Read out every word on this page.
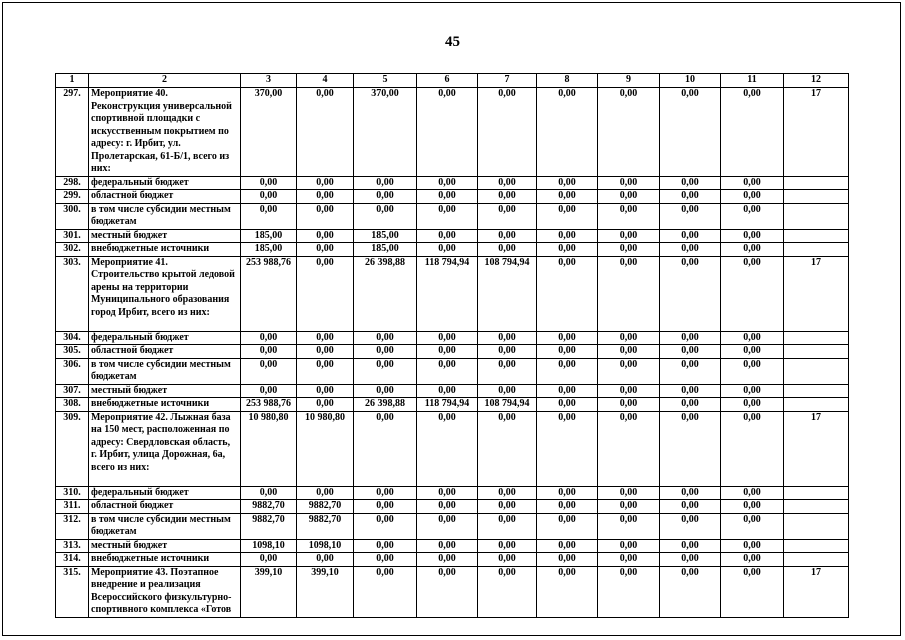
45
1	2	3	4	5	6	7	8	9	10	11	12
297.	Мероприятие 40. Реконструкция универсальной спортивной площадки с искусственным покрытием по адресу: г. Ирбит, ул. Пролетарская, 61-Б/1, всего из них:	370,00	0,00	370,00	0,00	0,00	0,00	0,00	0,00	0,00	17
298.	федеральный бюджет	0,00	0,00	0,00	0,00	0,00	0,00	0,00	0,00	0,00	
299.	областной бюджет	0,00	0,00	0,00	0,00	0,00	0,00	0,00	0,00	0,00	
300.	в том числе субсидии местным бюджетам	0,00	0,00	0,00	0,00	0,00	0,00	0,00	0,00	0,00	
301.	местный бюджет	185,00	0,00	185,00	0,00	0,00	0,00	0,00	0,00	0,00	
302.	внебюджетные источники	185,00	0,00	185,00	0,00	0,00	0,00	0,00	0,00	0,00	
303.	Мероприятие 41. Строительство крытой ледовой арены на территории Муниципального образования город Ирбит, всего из них:	253 988,76	0,00	26 398,88	118 794,94	108 794,94	0,00	0,00	0,00	0,00	17
304.	федеральный бюджет	0,00	0,00	0,00	0,00	0,00	0,00	0,00	0,00	0,00	
305.	областной бюджет	0,00	0,00	0,00	0,00	0,00	0,00	0,00	0,00	0,00	
306.	в том числе субсидии местным бюджетам	0,00	0,00	0,00	0,00	0,00	0,00	0,00	0,00	0,00	
307.	местный бюджет	0,00	0,00	0,00	0,00	0,00	0,00	0,00	0,00	0,00	
308.	внебюджетные источники	253 988,76	0,00	26 398,88	118 794,94	108 794,94	0,00	0,00	0,00	0,00	
309.	Мероприятие 42. Лыжная база на 150 мест, расположенная по адресу: Свердловская область, г. Ирбит, улица Дорожная, 6а, всего из них:	10 980,80	10 980,80	0,00	0,00	0,00	0,00	0,00	0,00	0,00	17
310.	федеральный бюджет	0,00	0,00	0,00	0,00	0,00	0,00	0,00	0,00	0,00	
311.	областной бюджет	9882,70	9882,70	0,00	0,00	0,00	0,00	0,00	0,00	0,00	
312.	в том числе субсидии местным бюджетам	9882,70	9882,70	0,00	0,00	0,00	0,00	0,00	0,00	0,00	
313.	местный бюджет	1098,10	1098,10	0,00	0,00	0,00	0,00	0,00	0,00	0,00	
314.	внебюджетные источники	0,00	0,00	0,00	0,00	0,00	0,00	0,00	0,00	0,00	
315.	Мероприятие 43. Поэтапное внедрение и реализация Всероссийского физкультурно-спортивного комплекса «Готов	399,10	399,10	0,00	0,00	0,00	0,00	0,00	0,00	0,00	17
